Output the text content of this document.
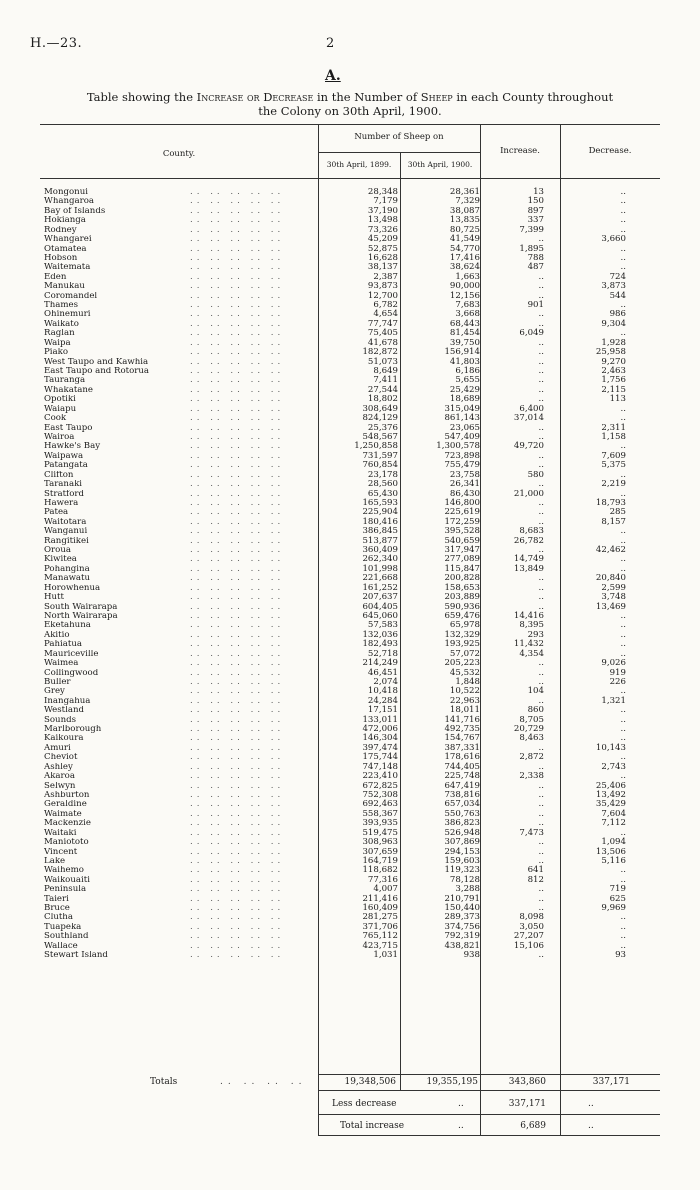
H.—23.	2
A.
Table showing the Increase or Decrease in the Number of Sheep in each County throughout
the Colony on 30th April, 1900.
County.
Number of Sheep on
30th April, 1899.	30th April, 1900.
Increase.	Decrease.
Mongonui	.. .. .. .. ..	28,348	28,361	13	..
Whangaroa	.. .. .. .. ..	7,179	7,329	150	..
Bay of Islands	.. .. .. .. ..	37,190	38,087	897	..
Hokianga	.. .. .. .. ..	13,498	13,835	337	..
Rodney	.. .. .. .. ..	73,326	80,725	7,399	..
Whangarei	.. .. .. .. ..	45,209	41,549	..	3,660
Otamatea	.. .. .. .. ..	52,875	54,770	1,895	..
Hobson	.. .. .. .. ..	16,628	17,416	788	..
Waitemata	.. .. .. .. ..	38,137	38,624	487	..
Eden	.. .. .. .. ..	2,387	1,663	..	724
Manukau	.. .. .. .. ..	93,873	90,000	..	3,873
Coromandel	.. .. .. .. ..	12,700	12,156	..	544
Thames	.. .. .. .. ..	6,782	7,683	901	..
Ohinemuri	.. .. .. .. ..	4,654	3,668	..	986
Waikato	.. .. .. .. ..	77,747	68,443	..	9,304
Raglan	.. .. .. .. ..	75,405	81,454	6,049	..
Waipa	.. .. .. .. ..	41,678	39,750	..	1,928
Piako	.. .. .. .. ..	182,872	156,914	..	25,958
West Taupo and Kawhia	.. .. .. .. ..	51,073	41,803	..	9,270
East Taupo and Rotorua	.. .. .. .. ..	8,649	6,186	..	2,463
Tauranga	.. .. .. .. ..	7,411	5,655	..	1,756
Whakatane	.. .. .. .. ..	27,544	25,429	..	2,115
Opotiki	.. .. .. .. ..	18,802	18,689	..	113
Waiapu	.. .. .. .. ..	308,649	315,049	6,400	..
Cook	.. .. .. .. ..	824,129	861,143	37,014	..
East Taupo	.. .. .. .. ..	25,376	23,065	..	2,311
Wairoa	.. .. .. .. ..	548,567	547,409	..	1,158
Hawke's Bay	.. .. .. .. ..	1,250,858	1,300,578	49,720	..
Waipawa	.. .. .. .. ..	731,597	723,898	..	7,609
Patangata	.. .. .. .. ..	760,854	755,479	..	5,375
Clifton	.. .. .. .. ..	23,178	23,758	580	..
Taranaki	.. .. .. .. ..	28,560	26,341	..	2,219
Stratford	.. .. .. .. ..	65,430	86,430	21,000	..
Hawera	.. .. .. .. ..	165,593	146,800	..	18,793
Patea	.. .. .. .. ..	225,904	225,619	..	285
Waitotara	.. .. .. .. ..	180,416	172,259	..	8,157
Wanganui	.. .. .. .. ..	386,845	395,528	8,683	..
Rangitikei	.. .. .. .. ..	513,877	540,659	26,782	..
Oroua	.. .. .. .. ..	360,409	317,947	..	42,462
Kiwitea	.. .. .. .. ..	262,340	277,089	14,749	..
Pohangina	.. .. .. .. ..	101,998	115,847	13,849	..
Manawatu	.. .. .. .. ..	221,668	200,828	..	20,840
Horowhenua	.. .. .. .. ..	161,252	158,653	..	2,599
Hutt	.. .. .. .. ..	207,637	203,889	..	3,748
South Wairarapa	.. .. .. .. ..	604,405	590,936	..	13,469
North Wairarapa	.. .. .. .. ..	645,060	659,476	14,416	..
Eketahuna	.. .. .. .. ..	57,583	65,978	8,395	..
Akitio	.. .. .. .. ..	132,036	132,329	293	..
Pahiatua	.. .. .. .. ..	182,493	193,925	11,432	..
Mauriceville	.. .. .. .. ..	52,718	57,072	4,354	..
Waimea	.. .. .. .. ..	214,249	205,223	..	9,026
Collingwood	.. .. .. .. ..	46,451	45,532	..	919
Buller	.. .. .. .. ..	2,074	1,848	..	226
Grey	.. .. .. .. ..	10,418	10,522	104	..
Inangahua	.. .. .. .. ..	24,284	22,963	..	1,321
Westland	.. .. .. .. ..	17,151	18,011	860	..
Sounds	.. .. .. .. ..	133,011	141,716	8,705	..
Marlborough	.. .. .. .. ..	472,006	492,735	20,729	..
Kaikoura	.. .. .. .. ..	146,304	154,767	8,463	..
Amuri	.. .. .. .. ..	397,474	387,331	..	10,143
Cheviot	.. .. .. .. ..	175,744	178,616	2,872	..
Ashley	.. .. .. .. ..	747,148	744,405	..	2,743
Akaroa	.. .. .. .. ..	223,410	225,748	2,338	..
Selwyn	.. .. .. .. ..	672,825	647,419	..	25,406
Ashburton	.. .. .. .. ..	752,308	738,816	..	13,492
Geraldine	.. .. .. .. ..	692,463	657,034	..	35,429
Waimate	.. .. .. .. ..	558,367	550,763	..	7,604
Mackenzie	.. .. .. .. ..	393,935	386,823	..	7,112
Waitaki	.. .. .. .. ..	519,475	526,948	7,473	..
Maniototo	.. .. .. .. ..	308,963	307,869	..	1,094
Vincent	.. .. .. .. ..	307,659	294,153	..	13,506
Lake	.. .. .. .. ..	164,719	159,603	..	5,116
Waihemo	.. .. .. .. ..	118,682	119,323	641	..
Waikouaiti	.. .. .. .. ..	77,316	78,128	812	..
Peninsula	.. .. .. .. ..	4,007	3,288	..	719
Taieri	.. .. .. .. ..	211,416	210,791	..	625
Bruce	.. .. .. .. ..	160,409	150,440	..	9,969
Clutha	.. .. .. .. ..	281,275	289,373	8,098	..
Tuapeka	.. .. .. .. ..	371,706	374,756	3,050	..
Southland	.. .. .. .. ..	765,112	792,319	27,207	..
Wallace	.. .. .. .. ..	423,715	438,821	15,106	..
Stewart Island	.. .. .. .. ..	1,031	938	..	93
Totals	.. .. .. ..	19,348,506	19,355,195	343,860	337,171
Less decrease	..	337,171	..
Total increase	..	6,689	..
